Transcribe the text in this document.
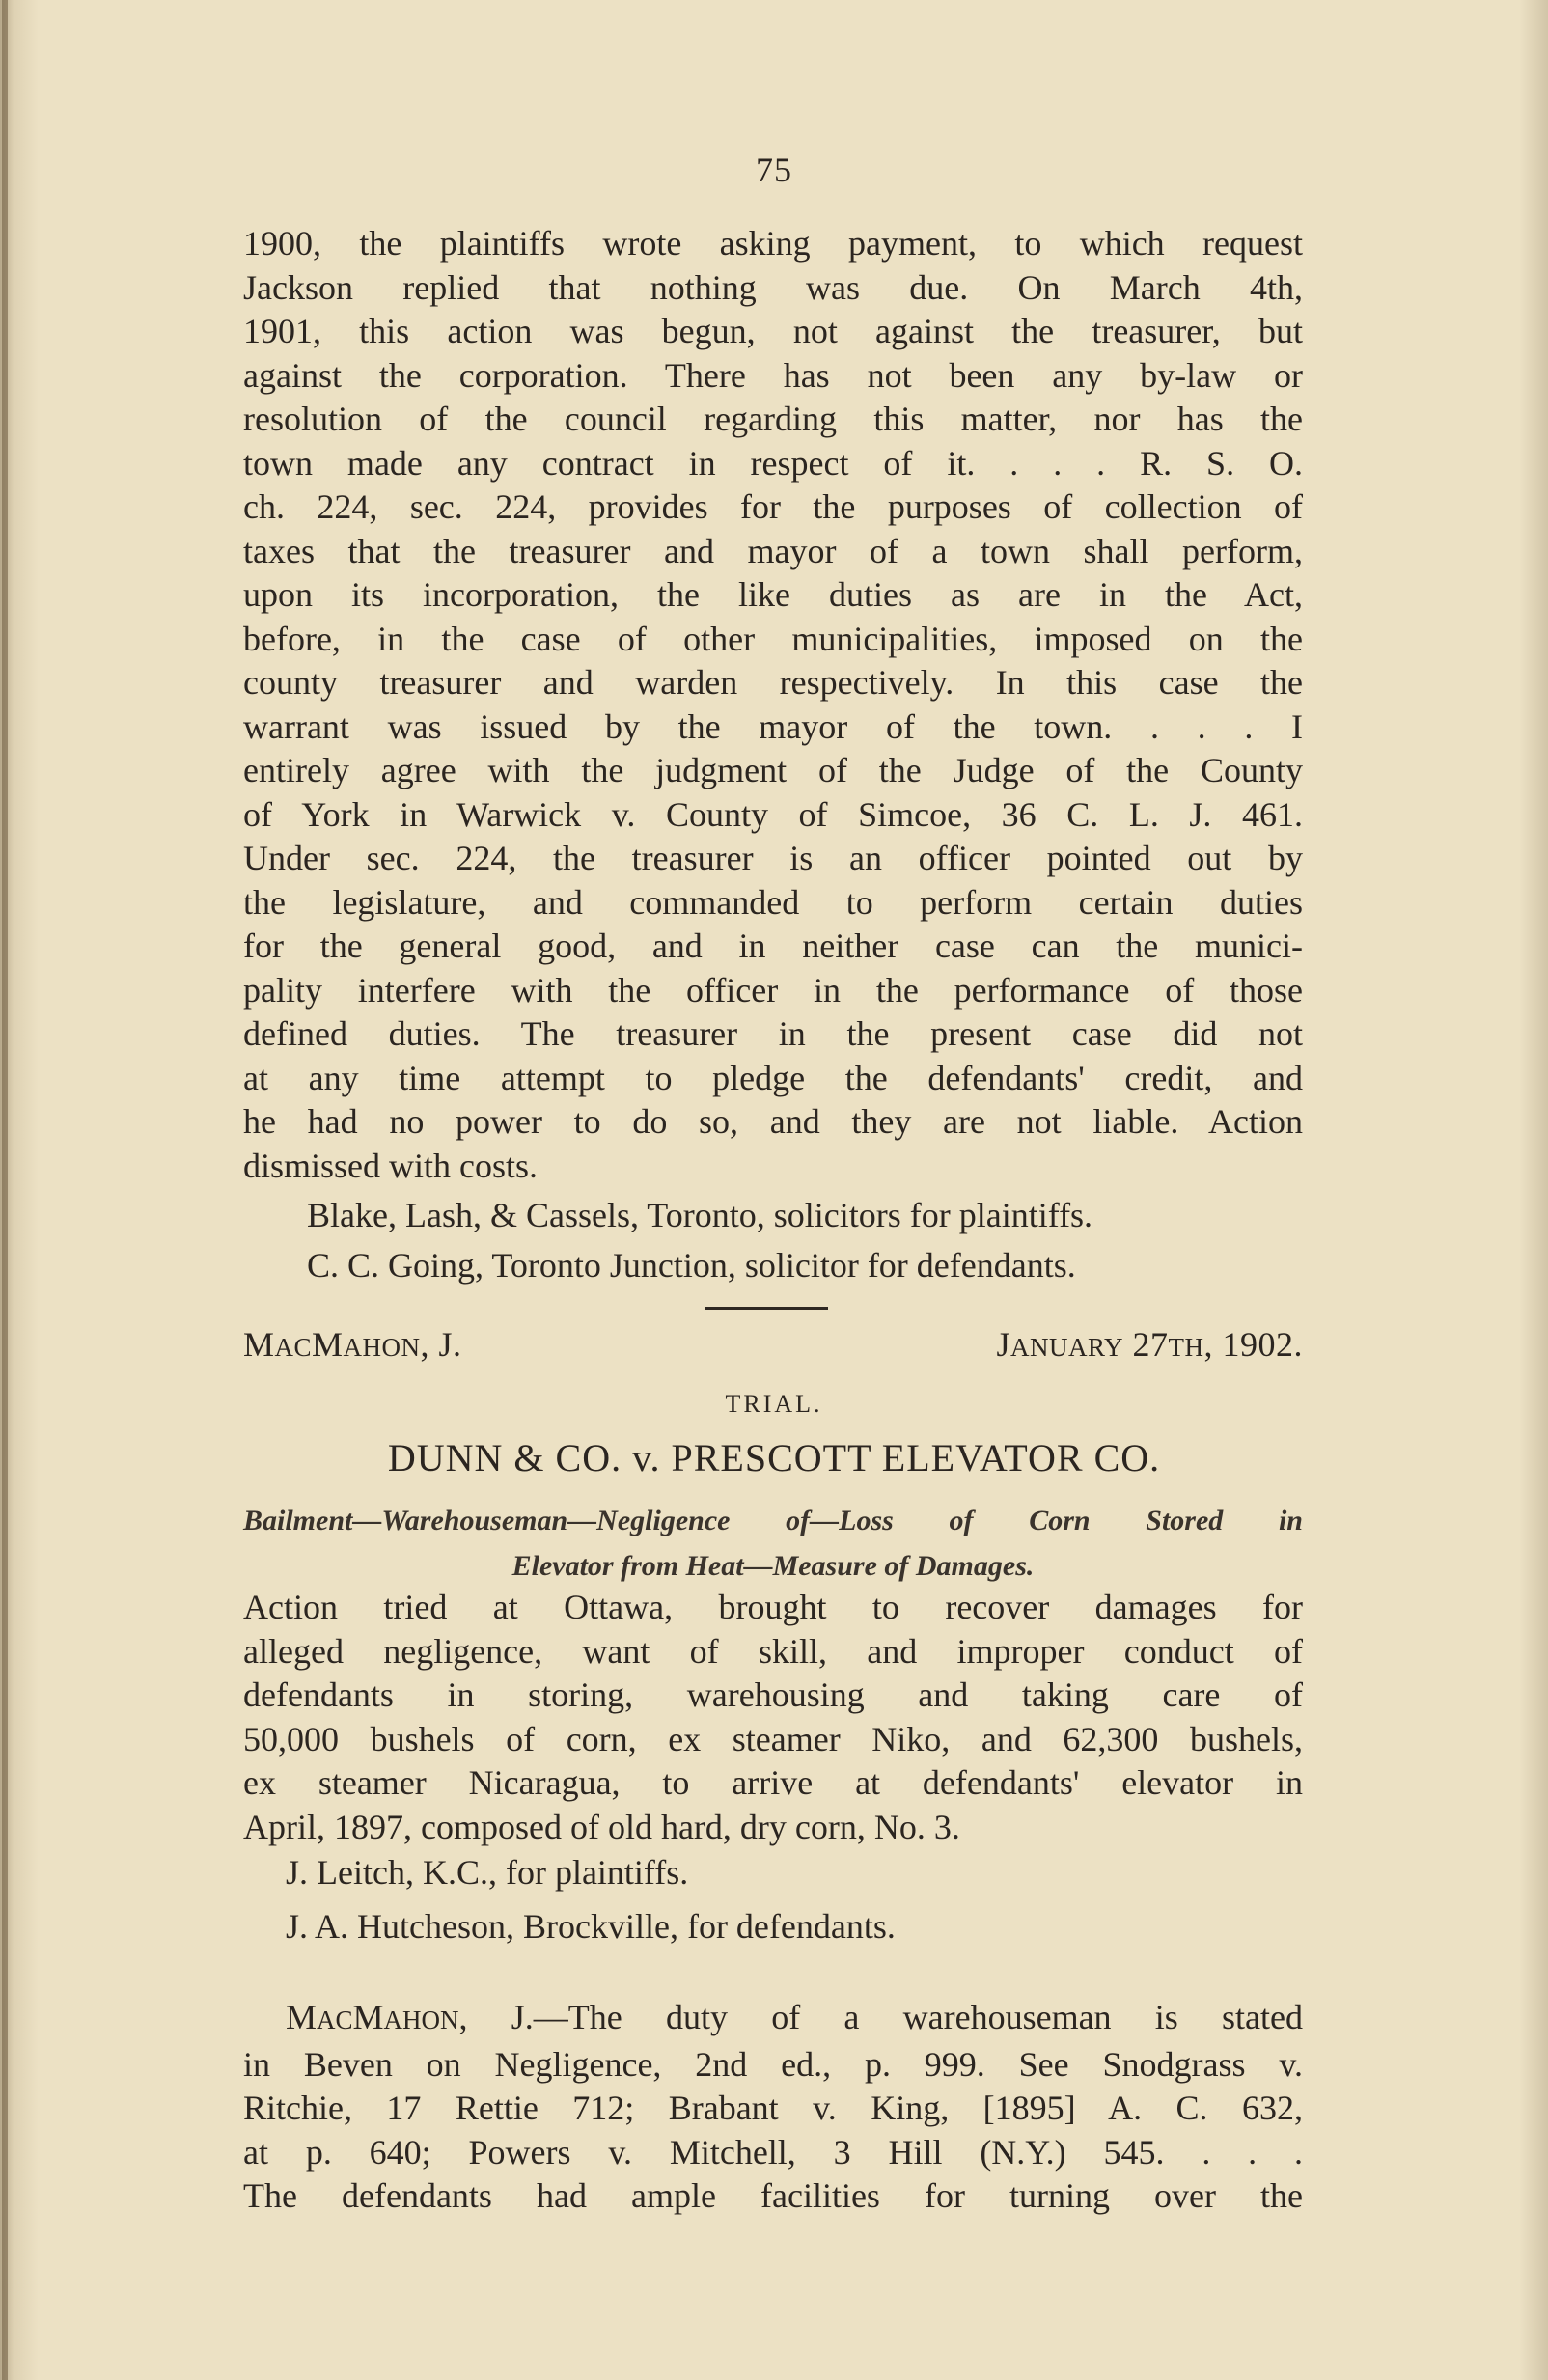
75

1900, the plaintiffs wrote asking payment, to which request
Jackson replied that nothing was due. On March 4th,
1901, this action was begun, not against the treasurer, but
against the corporation. There has not been any by-law or
resolution of the council regarding this matter, nor has the
town made any contract in respect of it. . . . R. S. O.
ch. 224, sec. 224, provides for the purposes of collection of
taxes that the treasurer and mayor of a town shall perform,
upon its incorporation, the like duties as are in the Act,
before, in the case of other municipalities, imposed on the
county treasurer and warden respectively. In this case the
warrant was issued by the mayor of the town. . . . I
entirely agree with the judgment of the Judge of the County
of York in Warwick v. County of Simcoe, 36 C. L. J. 461.
Under sec. 224, the treasurer is an officer pointed out by
the legislature, and commanded to perform certain duties
for the general good, and in neither case can the munici-
pality interfere with the officer in the performance of those
defined duties. The treasurer in the present case did not
at any time attempt to pledge the defendants' credit, and
he had no power to do so, and they are not liable. Action
dismissed with costs.

Blake, Lash, & Cassels, Toronto, solicitors for plaintiffs.
C. C. Going, Toronto Junction, solicitor for defendants.
MACMAHON, J.	JANUARY 27TH, 1902.
TRIAL.
DUNN & CO. v. PRESCOTT ELEVATOR CO.
Bailment—Warehouseman—Negligence of—Loss of Corn Stored in
Elevator from Heat—Measure of Damages.

Action tried at Ottawa, brought to recover damages for
alleged negligence, want of skill, and improper conduct of
defendants in storing, warehousing and taking care of
50,000 bushels of corn, ex steamer Niko, and 62,300 bushels,
ex steamer Nicaragua, to arrive at defendants' elevator in
April, 1897, composed of old hard, dry corn, No. 3.

J. Leitch, K.C., for plaintiffs.
J. A. Hutcheson, Brockville, for defendants.

MACMAHON, J.—The duty of a warehouseman is stated
in Beven on Negligence, 2nd ed., p. 999. See Snodgrass v.
Ritchie, 17 Rettie 712; Brabant v. King, [1895] A. C. 632,
at p. 640; Powers v. Mitchell, 3 Hill (N.Y.) 545. . . .
The defendants had ample facilities for turning over the
